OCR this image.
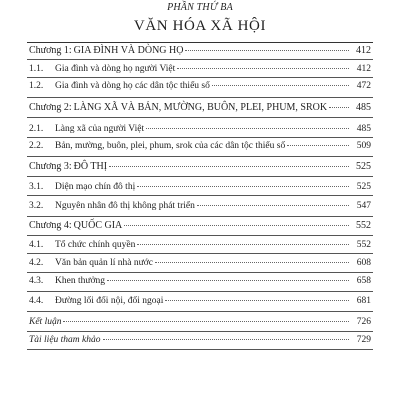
PHẦN THỨ BA
VĂN HÓA XÃ HỘI
Chương 1: GIA ĐÌNH VÀ DÒNG HỌ	412
1.1. Gia đình và dòng họ người Việt	412
1.2. Gia đình và dòng họ các dân tộc thiểu số	472
Chương 2: LÀNG XÃ VÀ BẢN, MƯỜNG, BUÔN, PLEI, PHUM, SROK	485
2.1. Làng xã của người Việt	485
2.2. Bản, mường, buôn, plei, phum, srok của các dân tộc thiểu số	509
Chương 3: ĐÔ THỊ	525
3.1. Diện mạo chín đô thị	525
3.2. Nguyên nhân đô thị không phát triển	547
Chương 4: QUỐC GIA	552
4.1. Tổ chức chính quyền	552
4.2. Văn bản quản lí nhà nước	608
4.3. Khen thưởng	658
4.4. Đường lối đối nội, đối ngoại	681
Kết luận	726
Tài liệu tham khảo	729
